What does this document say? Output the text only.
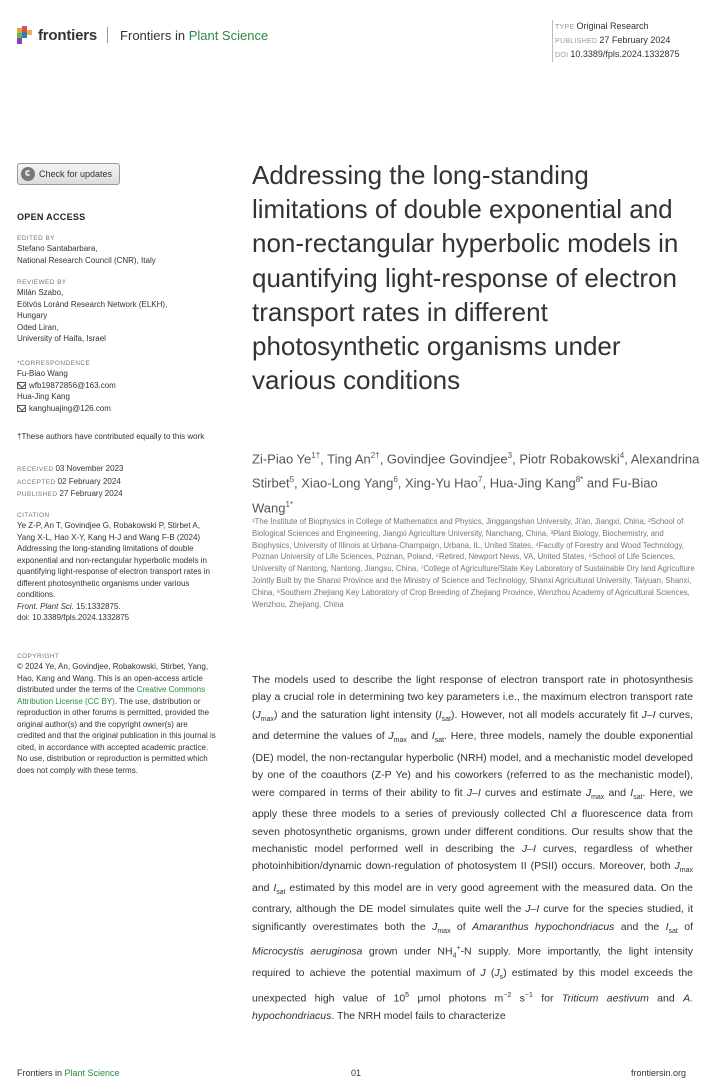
frontiers Frontiers in Plant Science	TYPE Original Research
PUBLISHED 27 February 2024
DOI 10.3389/fpls.2024.1332875
Check for updates
OPEN ACCESS
EDITED BY

Stefano Santabarbara,

National Research Council (CNR), Italy

REVIEWED BY

Milán Szabo,

Eötvös Loránd Research Network (ELKH),

Hungary

Oded Liran,

University of Haifa, Israel

*CORRESPONDENCE

Fu-Biao Wang

wfb19872856@163.com

Hua-Jing Kang

kanghuajing@126.com

†These authors have contributed equally to this work

RECEIVED 03 November 2023

ACCEPTED 02 February 2024

PUBLISHED 27 February 2024

CITATION

Ye Z-P, An T, Govindjee G, Robakowski P, Stirbet A, Yang X-L, Hao X-Y, Kang H-J and Wang F-B (2024) Addressing the long-standing limitations of double exponential and non-rectangular hyperbolic models in quantifying light-response of electron transport rates in different photosynthetic organisms under various conditions.

Front. Plant Sci. 15:1332875.

doi: 10.3389/fpls.2024.1332875

COPYRIGHT

© 2024 Ye, An, Govindjee, Robakowski, Stirbet, Yang, Hao, Kang and Wang. This is an open-access article distributed under the terms of the Creative Commons Attribution License (CC BY). The use, distribution or reproduction in other forums is permitted, provided the original author(s) and the copyright owner(s) are credited and that the original publication in this journal is cited, in accordance with accepted academic practice. No use, distribution or reproduction is permitted which does not comply with these terms.

Addressing the long-standing limitations of double exponential and non-rectangular hyperbolic models in quantifying light-response of electron transport rates in different photosynthetic organisms under various conditions
Zi-Piao $Ye^{1\dagger}$, Ting $An^{2\dagger}$, Govindjee Govindjee$^3$, Piotr Robakowski$^4$, Alexandrina Stirbet$^5$, Xiao-Long Yang$^6$, Xing-Yu Hao$^7$, Hua-Jing Kang$^{8*}$ and Fu-Biao Wang$^{1*}$
¹The Institute of Biophysics in College of Mathematics and Physics, Jinggangshan University, Ji'an, Jiangxi, China, ²School of Biological Sciences and Engineering, Jiangxi Agriculture University, Nanchang, China, ³Plant Biology, Biochemistry, and Biophysics, University of Illinois at Urbana-Champaign, Urbana, IL, United States, ⁴Faculty of Forestry and Wood Technology, Poznan University of Life Sciences, Poznan, Poland, ⁵Retired, Newport News, VA, United States, ⁶School of Life Sciences, University of Nantong, Nantong, Jiangsu, China, ⁷College of Agriculture/State Key Laboratory of Sustainable Dry land Agriculture Jointly Built by the Shanxi Province and the Ministry of Science and Technology, Shanxi Agricultural University, Taiyuan, Shanxi, China, ⁸Southern Zhejiang Key Laboratory of Crop Breeding of Zhejiang Province, Wenzhou Academy of Agricultural Sciences, Wenzhou, Zhejiang, China

The models used to describe the light response of electron transport rate in photosynthesis play a crucial role in determining two key parameters i.e., the maximum electron transport rate $(J_{max})$ and the saturation light intensity $(I_{sat})$. However, not all models accurately fit J–I curves, and determine the values of $J_{max}$ and $I_{sat}$. Here, three models, namely the double exponential (DE) model, the non-rectangular hyperbolic (NRH) model, and a mechanistic model developed by one of the coauthors (Z-P Ye) and his coworkers (referred to as the mechanistic model), were compared in terms of their ability to fit J–I curves and estimate $J_{max}$ and $I_{sat}$. Here, we apply these three models to a series of previously collected Chl a fluorescence data from seven photosynthetic organisms, grown under different conditions. Our results show that the mechanistic model performed well in describing the J–I curves, regardless of whether photoinhibition/dynamic down-regulation of photosystem II (PSII) occurs. Moreover, both $J_{max}$ and $I_{sat}$ estimated by this model are in very good agreement with the measured data. On the contrary, although the DE model simulates quite well the J–I curve for the species studied, it significantly overestimates both the $J_{max}$ of Amaranthus hypochondriacus and the $I_{sat}$ of Microcystis aeruginosa grown under $NH_4^+-N$ supply. More importantly, the light intensity required to achieve the potential maximum of J $(J_s)$ estimated by this model exceeds the unexpected high value of $10^5$ μmol photons $m^{-2}$ $s^{-1}$ for Triticum aestivum and A. hypochondriacus. The NRH model fails to characterize

Frontiers in Plant Science	01	frontiersin.org
